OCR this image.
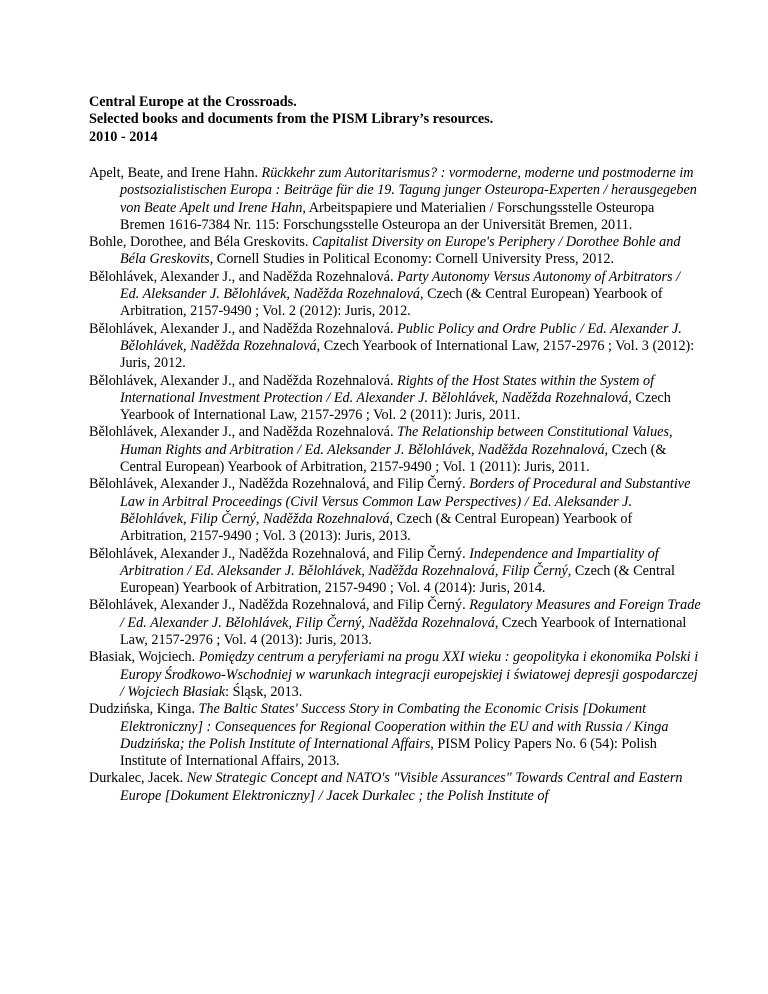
Central Europe at the Crossroads.
Selected books and documents from the PISM Library’s resources.
2010 - 2014

Apelt, Beate, and Irene Hahn. Rückkehr zum Autoritarismus? : vormoderne, moderne und postmoderne im postsozialistischen Europa : Beiträge für die 19. Tagung junger Osteuropa-Experten / herausgegeben von Beate Apelt und Irene Hahn, Arbeitspapiere und Materialien / Forschungsstelle Osteuropa Bremen 1616-7384 Nr. 115: Forschungsstelle Osteuropa an der Universität Bremen, 2011.

Bohle, Dorothee, and Béla Greskovits. Capitalist Diversity on Europe's Periphery / Dorothee Bohle and Béla Greskovits, Cornell Studies in Political Economy: Cornell University Press, 2012.

Bělohlávek, Alexander J., and Naděžda Rozehnalová. Party Autonomy Versus Autonomy of Arbitrators / Ed. Aleksander J. Bělohlávek, Naděžda Rozehnalová, Czech (& Central European) Yearbook of Arbitration, 2157-9490 ; Vol. 2 (2012): Juris, 2012.

Bělohlávek, Alexander J., and Naděžda Rozehnalová. Public Policy and Ordre Public / Ed. Alexander J. Bělohlávek, Naděžda Rozehnalová, Czech Yearbook of International Law, 2157-2976 ; Vol. 3 (2012): Juris, 2012.

Bělohlávek, Alexander J., and Naděžda Rozehnalová. Rights of the Host States within the System of International Investment Protection / Ed. Alexander J. Bělohlávek, Naděžda Rozehnalová, Czech Yearbook of International Law, 2157-2976 ; Vol. 2 (2011): Juris, 2011.

Bělohlávek, Alexander J., and Naděžda Rozehnalová. The Relationship between Constitutional Values, Human Rights and Arbitration / Ed. Aleksander J. Bělohlávek, Naděžda Rozehnalová, Czech (& Central European) Yearbook of Arbitration, 2157-9490 ; Vol. 1 (2011): Juris, 2011.

Bělohlávek, Alexander J., Naděžda Rozehnalová, and Filip Černý. Borders of Procedural and Substantive Law in Arbitral Proceedings (Civil Versus Common Law Perspectives) / Ed. Aleksander J. Bělohlávek, Filip Černý, Naděžda Rozehnalová, Czech (& Central European) Yearbook of Arbitration, 2157-9490 ; Vol. 3 (2013): Juris, 2013.

Bělohlávek, Alexander J., Naděžda Rozehnalová, and Filip Černý. Independence and Impartiality of Arbitration / Ed. Aleksander J. Bělohlávek, Naděžda Rozehnalová, Filip Černý, Czech (& Central European) Yearbook of Arbitration, 2157-9490 ; Vol. 4 (2014): Juris, 2014.

Bělohlávek, Alexander J., Naděžda Rozehnalová, and Filip Černý. Regulatory Measures and Foreign Trade / Ed. Alexander J. Bělohlávek, Filip Černý, Naděžda Rozehnalová, Czech Yearbook of International Law, 2157-2976 ; Vol. 4 (2013): Juris, 2013.

Błasiak, Wojciech. Pomiędzy centrum a peryferiami na progu XXI wieku : geopolityka i ekonomika Polski i Europy Środkowo-Wschodniej w warunkach integracji europejskiej i światowej depresji gospodarczej / Wojciech Błasiak: Śląsk, 2013.

Dudzińska, Kinga. The Baltic States' Success Story in Combating the Economic Crisis [Dokument Elektroniczny] : Consequences for Regional Cooperation within the EU and with Russia / Kinga Dudzińska; the Polish Institute of International Affairs, PISM Policy Papers No. 6 (54): Polish Institute of International Affairs, 2013.

Durkalec, Jacek. New Strategic Concept and NATO's "Visible Assurances" Towards Central and Eastern Europe [Dokument Elektroniczny] / Jacek Durkalec ; the Polish Institute of
